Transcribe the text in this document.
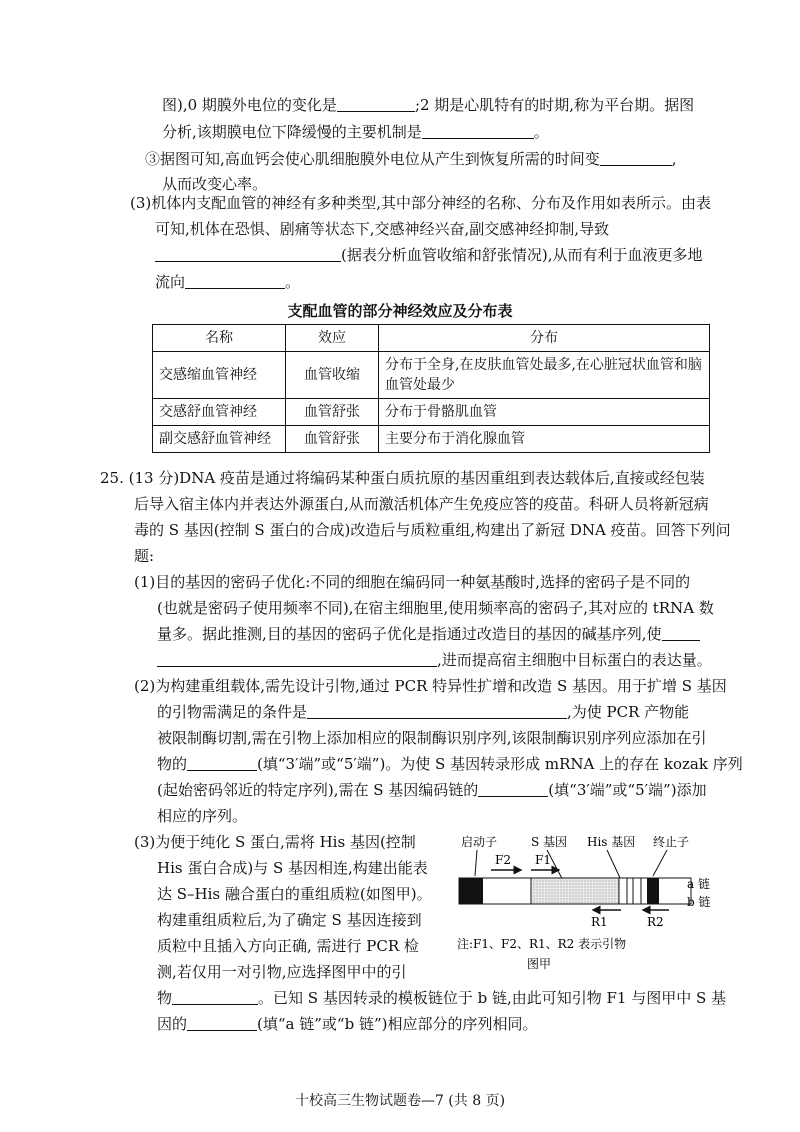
图),0 期膜外电位的变化是	;2 期是心肌特有的时期,称为平台期。据图
分析,该期膜电位下降缓慢的主要机制是	。
③据图可知,高血钙会使心肌细胞膜外电位从产生到恢复所需的时间变	,
从而改变心率。
(3)机体内支配血管的神经有多种类型,其中部分神经的名称、分布及作用如表所示。由表
可知,机体在恐惧、剧痛等状态下,交感神经兴奋,副交感神经抑制,导致
(据表分析血管收缩和舒张情况),从而有利于血液更多地
流向	。
支配血管的部分神经效应及分布表
名称	效应	分布
交感缩血管神经	血管收缩	分布于全身,在皮肤血管处最多,在心脏冠状血管和脑血管处最少
交感舒血管神经	血管舒张	分布于骨骼肌血管
副交感舒血管神经	血管舒张	主要分布于消化腺血管
25. (13 分)DNA 疫苗是通过将编码某种蛋白质抗原的基因重组到表达载体后,直接或经包装
后导入宿主体内并表达外源蛋白,从而激活机体产生免疫应答的疫苗。科研人员将新冠病
毒的 S 基因(控制 S 蛋白的合成)改造后与质粒重组,构建出了新冠 DNA 疫苗。回答下列问
题:
(1)目的基因的密码子优化:不同的细胞在编码同一种氨基酸时,选择的密码子是不同的
(也就是密码子使用频率不同),在宿主细胞里,使用频率高的密码子,其对应的 tRNA 数
量多。据此推测,目的基因的密码子优化是指通过改造目的基因的碱基序列,使
,进而提高宿主细胞中目标蛋白的表达量。
(2)为构建重组载体,需先设计引物,通过 PCR 特异性扩增和改造 S 基因。用于扩增 S 基因
的引物需满足的条件是	,为使 PCR 产物能
被限制酶切割,需在引物上添加相应的限制酶识别序列,该限制酶识别序列应添加在引
物的	(填“3′端”或“5′端”)。为使 S 基因转录形成 mRNA 上的存在 kozak 序列
(起始密码邻近的特定序列),需在 S 基因编码链的	(填“3′端”或“5′端”)添加
相应的序列。
(3)为便于纯化 S 蛋白,需将 His 基因(控制
His 蛋白合成)与 S 基因相连,构建出能表
达 S–His 融合蛋白的重组质粒(如图甲)。
构建重组质粒后,为了确定 S 基因连接到
质粒中且插入方向正确, 需进行 PCR 检
测,若仅用一对引物,应选择图甲中的引
物	。已知 S 基因转录的模板链位于 b 链,由此可知引物 F1 与图甲中 S 基
因的	(填“a 链”或“b 链”)相应部分的序列相同。
启动子	S 基因 His 基因 终止子
F2 F1
a 链
b 链
R1	R2
注:F1、F2、R1、R2 表示引物
图甲
十校高三生物试题卷—7 (共 8 页)
